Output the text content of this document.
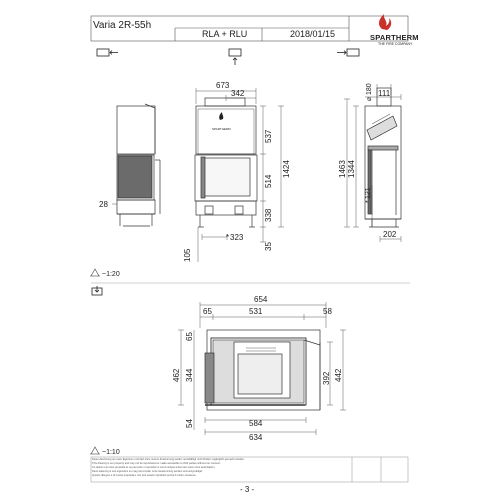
Varia 2R-55h
RLA + RLU	2018/01/15	SPARTHERM
THE FIRE COMPANY
28
SPARTHERM
673
342
537
514
338
35
1424
* 323
105
⌀
180 111
1463 1344
*
121
202
~1:20
654
65	531	58
65
462 344	392 442
54	584
634
~1:10
Diese Zeichnung ist unser Eigentum und darf ohne unsere Zustimmung weder vervielfältigt noch Dritten zugänglich gemacht werden.
This drawing is our property and may not be reproduced or made accessible to third parties without our consent.
Ce dessin est notre propriété et ne peut être ni reproduit ni communiqué à des tiers sans notre autorisation.
Deze tekening is ons eigendom en mag niet zonder onze toestemming worden vermenigvuldigd.
Questo disegno è di nostra proprietà e non può essere riprodotto senza il nostro consenso.
- 3 -
